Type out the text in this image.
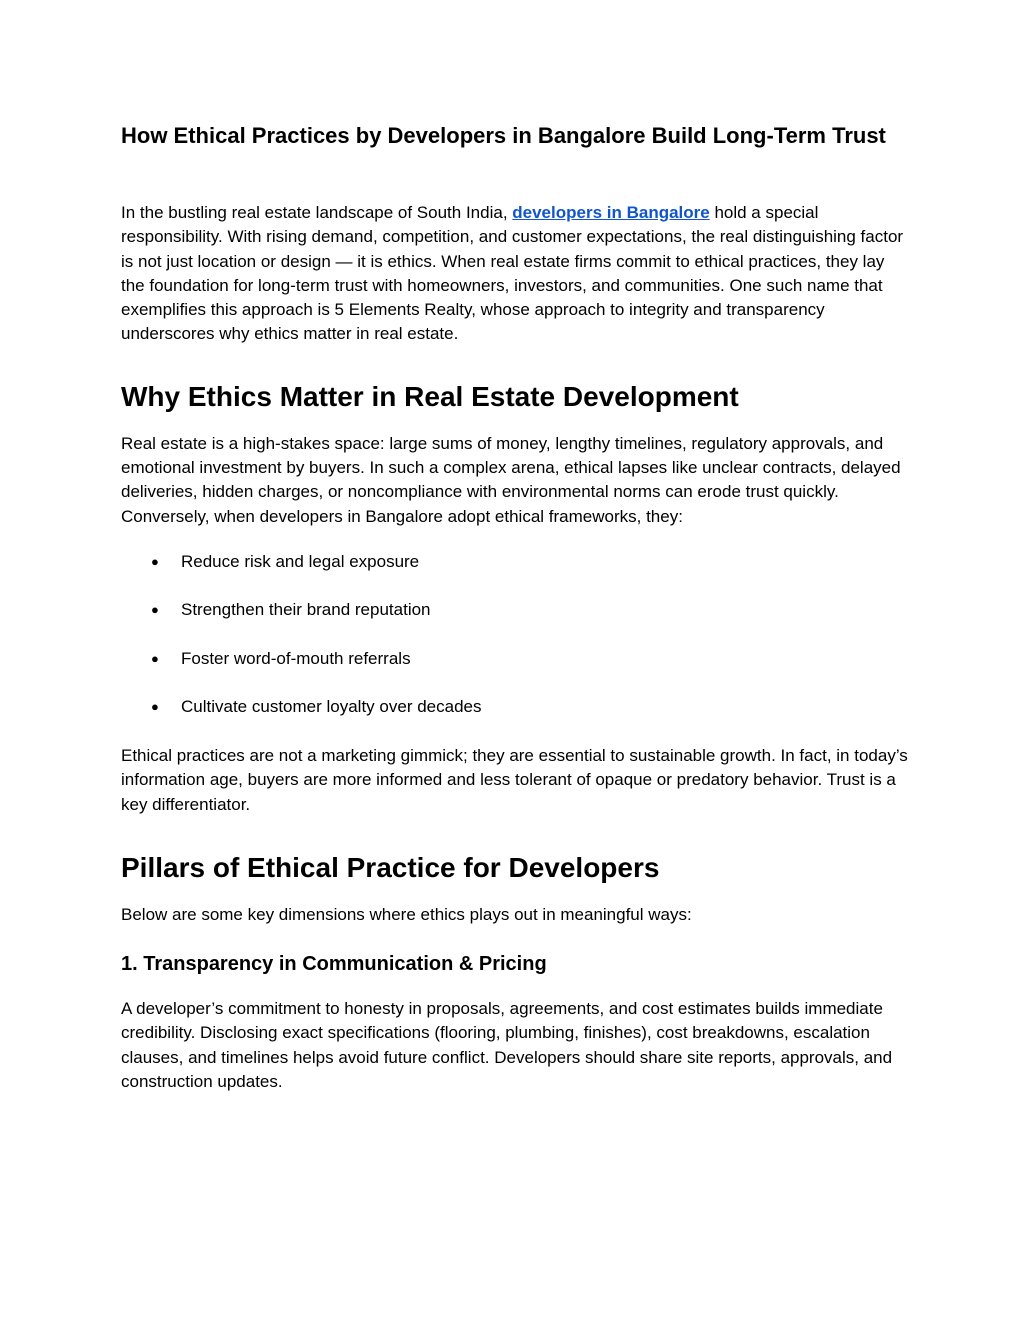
How Ethical Practices by Developers in Bangalore Build Long-Term Trust

In the bustling real estate landscape of South India, developers in Bangalore hold a special responsibility. With rising demand, competition, and customer expectations, the real distinguishing factor is not just location or design — it is ethics. When real estate firms commit to ethical practices, they lay the foundation for long-term trust with homeowners, investors, and communities. One such name that exemplifies this approach is 5 Elements Realty, whose approach to integrity and transparency underscores why ethics matter in real estate.

Why Ethics Matter in Real Estate Development

Real estate is a high-stakes space: large sums of money, lengthy timelines, regulatory approvals, and emotional investment by buyers. In such a complex arena, ethical lapses like unclear contracts, delayed deliveries, hidden charges, or noncompliance with environmental norms can erode trust quickly. Conversely, when developers in Bangalore adopt ethical frameworks, they:

● Reduce risk and legal exposure
● Strengthen their brand reputation
● Foster word-of-mouth referrals
● Cultivate customer loyalty over decades

Ethical practices are not a marketing gimmick; they are essential to sustainable growth. In fact, in today’s information age, buyers are more informed and less tolerant of opaque or predatory behavior. Trust is a key differentiator.

Pillars of Ethical Practice for Developers

Below are some key dimensions where ethics plays out in meaningful ways:

1. Transparency in Communication & Pricing

A developer’s commitment to honesty in proposals, agreements, and cost estimates builds immediate credibility. Disclosing exact specifications (flooring, plumbing, finishes), cost breakdowns, escalation clauses, and timelines helps avoid future conflict. Developers should share site reports, approvals, and construction updates.
